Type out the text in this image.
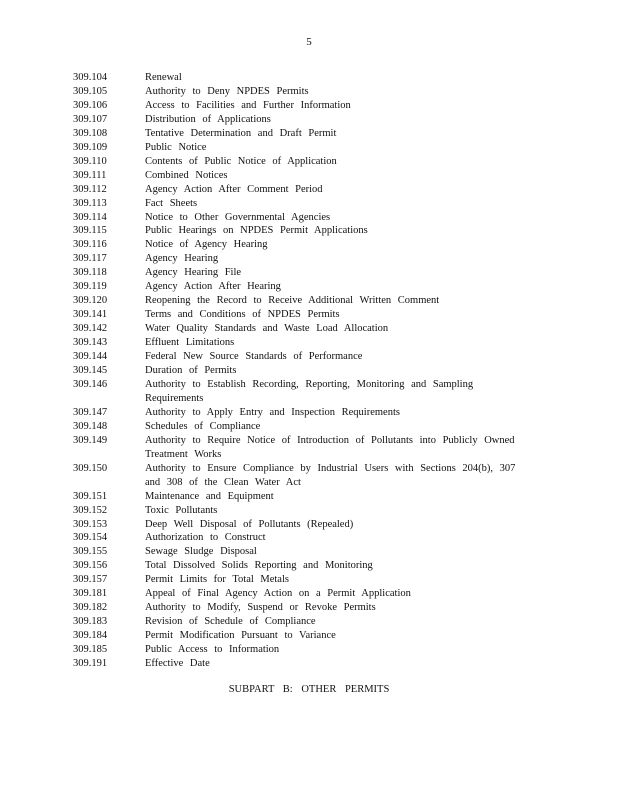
5
309.104	Renewal
309.105	Authority to Deny NPDES Permits
309.106	Access to Facilities and Further Information
309.107	Distribution of Applications
309.108	Tentative Determination and Draft Permit
309.109	Public Notice
309.110	Contents of Public Notice of Application
309.111	Combined Notices
309.112	Agency Action After Comment Period
309.113	Fact Sheets
309.114	Notice to Other Governmental Agencies
309.115	Public Hearings on NPDES Permit Applications
309.116	Notice of Agency Hearing
309.117	Agency Hearing
309.118	Agency Hearing File
309.119	Agency Action After Hearing
309.120	Reopening the Record to Receive Additional Written Comment
309.141	Terms and Conditions of NPDES Permits
309.142	Water Quality Standards and Waste Load Allocation
309.143	Effluent Limitations
309.144	Federal New Source Standards of Performance
309.145	Duration of Permits
309.146	Authority to Establish Recording, Reporting, Monitoring and Sampling Requirements
309.147	Authority to Apply Entry and Inspection Requirements
309.148	Schedules of Compliance
309.149	Authority to Require Notice of Introduction of Pollutants into Publicly Owned Treatment Works
309.150	Authority to Ensure Compliance by Industrial Users with Sections 204(b), 307 and 308 of the Clean Water Act
309.151	Maintenance and Equipment
309.152	Toxic Pollutants
309.153	Deep Well Disposal of Pollutants (Repealed)
309.154	Authorization to Construct
309.155	Sewage Sludge Disposal
309.156	Total Dissolved Solids Reporting and Monitoring
309.157	Permit Limits for Total Metals
309.181	Appeal of Final Agency Action on a Permit Application
309.182	Authority to Modify, Suspend or Revoke Permits
309.183	Revision of Schedule of Compliance
309.184	Permit Modification Pursuant to Variance
309.185	Public Access to Information
309.191	Effective Date
SUBPART B: OTHER PERMITS
